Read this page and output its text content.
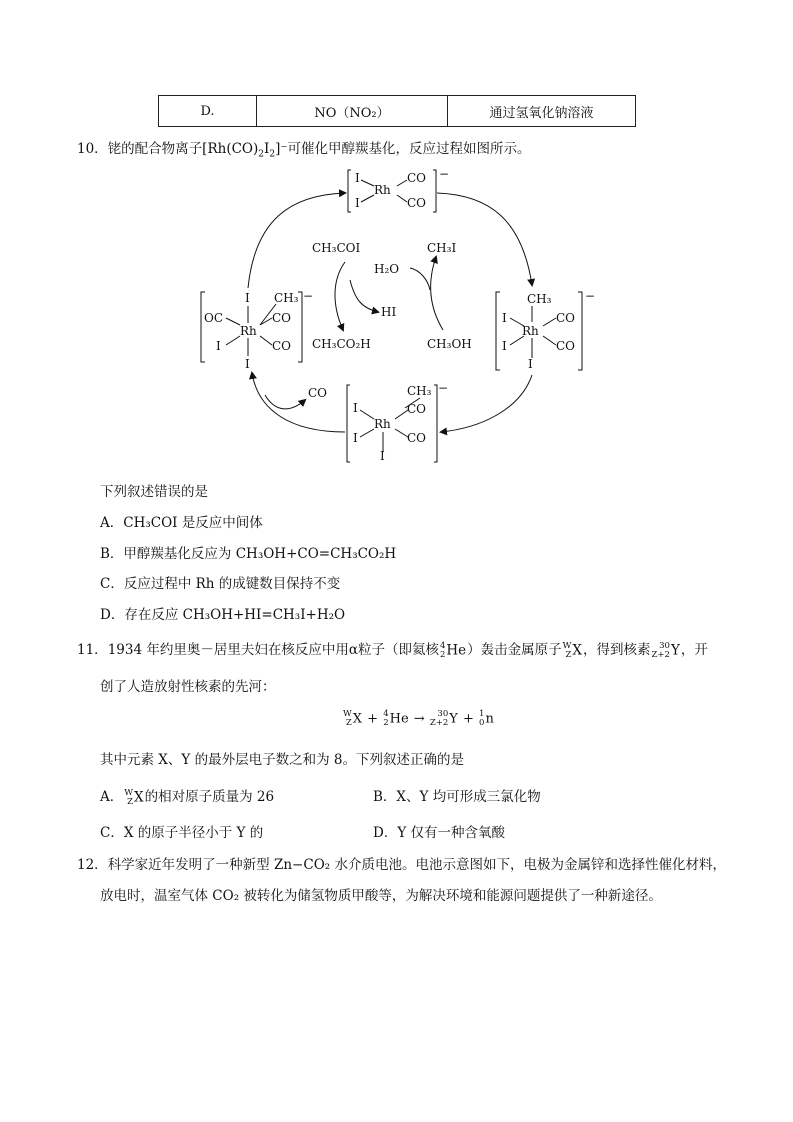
D.	NO（NO₂）	通过氢氧化钠溶液
10．铑的配合物离子$[Rh(CO)_2I_2]^-$可催化甲醇羰基化，反应过程如图所示。
I
I
Rh
CO
CO
−
I CH₃ −
OC
Rh
CO
I	CO
I
CH₃	−
I
Rh
CO
I	CO
I
CH₃ −
I	CO
Rh
I	CO
I
CH₃COI	CH₃I
H₂O
HI
CH₃CO₂H	CH₃OH
CO
下列叙述错误的是
A．CH₃COI 是反应中间体
B．甲醇羰基化反应为 CH₃OH+CO=CH₃CO₂H
C．反应过程中 Rh 的成键数目保持不变
D．存在反应 CH₃OH+HI=CH₃I+H₂O
11．1934 年约里奥－居里夫妇在核反应中用α粒子（即氦核 4
2 He）轰击金属原子 W
Z X，得到核素	30
Z+2 Y，开
创了人造放射性核素的先河：
W
Z X + 4
2 He →	30
Z+2 Y + 1
0 n
其中元素 X、Y 的最外层电子数之和为 8。下列叙述正确的是
A． W
Z X的相对原子质量为 26	B．X、Y 均可形成三氯化物
C．X 的原子半径小于 Y 的	D．Y 仅有一种含氧酸
12．科学家近年发明了一种新型 Zn−CO₂ 水介质电池。电池示意图如下，电极为金属锌和选择性催化材料，
放电时，温室气体 CO₂ 被转化为储氢物质甲酸等，为解决环境和能源问题提供了一种新途径。
